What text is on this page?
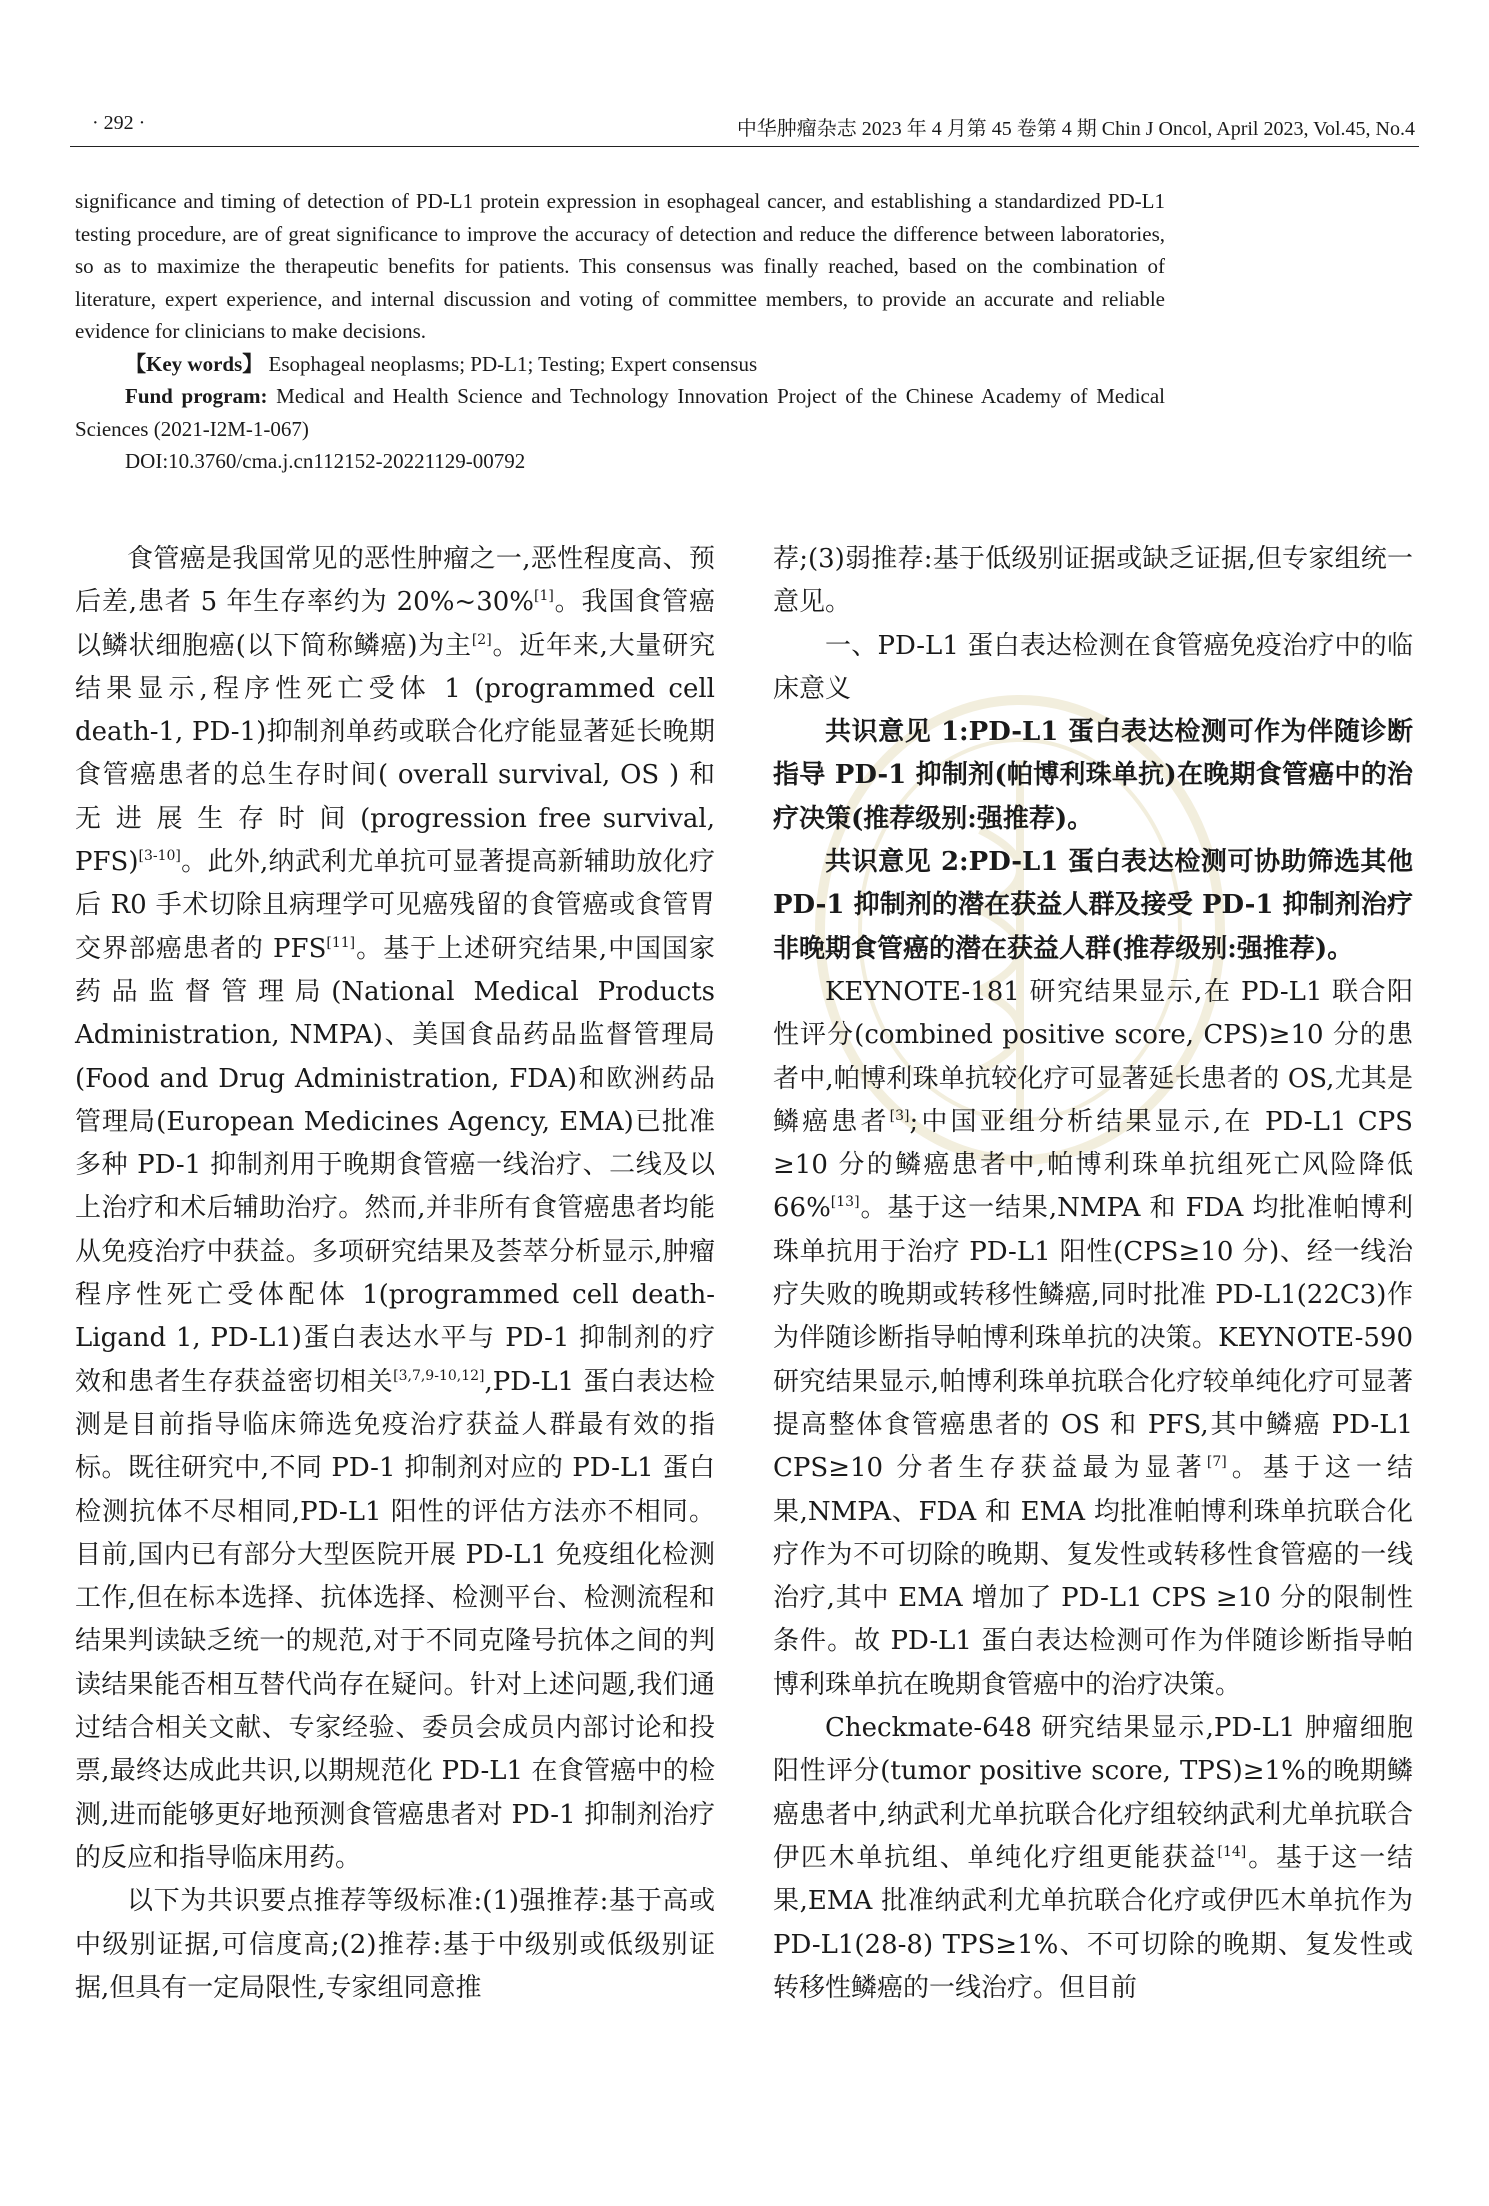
· 292 ·	中华肿瘤杂志 2023 年 4 月第 45 卷第 4 期 Chin J Oncol, April 2023, Vol.45, No.4

significance and timing of detection of PD-L1 protein expression in esophageal cancer, and establishing a standardized PD-L1 testing procedure, are of great significance to improve the accuracy of detection and reduce the difference between laboratories, so as to maximize the therapeutic benefits for patients. This consensus was finally reached, based on the combination of literature, expert experience, and internal discussion and voting of committee members, to provide an accurate and reliable evidence for clinicians to make decisions.

【Key words】 Esophageal neoplasms; PD-L1; Testing; Expert consensus

Fund program: Medical and Health Science and Technology Innovation Project of the Chinese Academy of Medical Sciences (2021-I2M-1-067)

DOI:10.3760/cma.j.cn112152-20221129-00792

食管癌是我国常见的恶性肿瘤之一,恶性程度高、预后差,患者 5 年生存率约为 20%~30%[1]。我国食管癌以鳞状细胞癌(以下简称鳞癌)为主[2]。近年来,大量研究结果显示,程序性死亡受体 1 (programmed cell death-1, PD-1)抑制剂单药或联合化疗能显著延长晚期食管癌患者的总生存时间( overall survival, OS ) 和 无 进 展 生 存 时 间 (progression free survival, PFS)[3-10]。此外,纳武利尤单抗可显著提高新辅助放化疗后 R0 手术切除且病理学可见癌残留的食管癌或食管胃交界部癌患者的 PFS[11]。基于上述研究结果,中国国家药品监督管理局(National Medical Products Administration, NMPA)、美国食品药品监督管理局(Food and Drug Administration, FDA)和欧洲药品管理局(European Medicines Agency, EMA)已批准多种 PD-1 抑制剂用于晚期食管癌一线治疗、二线及以上治疗和术后辅助治疗。然而,并非所有食管癌患者均能从免疫治疗中获益。多项研究结果及荟萃分析显示,肿瘤程序性死亡受体配体 1(programmed cell death-Ligand 1, PD-L1)蛋白表达水平与 PD-1 抑制剂的疗效和患者生存获益密切相关[3,7,9-10,12],PD-L1 蛋白表达检测是目前指导临床筛选免疫治疗获益人群最有效的指标。既往研究中,不同 PD-1 抑制剂对应的 PD-L1 蛋白检测抗体不尽相同,PD-L1 阳性的评估方法亦不相同。目前,国内已有部分大型医院开展 PD-L1 免疫组化检测工作,但在标本选择、抗体选择、检测平台、检测流程和结果判读缺乏统一的规范,对于不同克隆号抗体之间的判读结果能否相互替代尚存在疑问。针对上述问题,我们通过结合相关文献、专家经验、委员会成员内部讨论和投票,最终达成此共识,以期规范化 PD-L1 在食管癌中的检测,进而能够更好地预测食管癌患者对 PD-1 抑制剂治疗的反应和指导临床用药。

以下为共识要点推荐等级标准:(1)强推荐:基于高或中级别证据,可信度高;(2)推荐:基于中级别或低级别证据,但具有一定局限性,专家组同意推

荐;(3)弱推荐:基于低级别证据或缺乏证据,但专家组统一意见。

一、PD-L1 蛋白表达检测在食管癌免疫治疗中的临床意义

共识意见 1:PD-L1 蛋白表达检测可作为伴随诊断指导 PD-1 抑制剂(帕博利珠单抗)在晚期食管癌中的治疗决策(推荐级别:强推荐)。

共识意见 2:PD-L1 蛋白表达检测可协助筛选其他 PD-1 抑制剂的潜在获益人群及接受 PD-1 抑制剂治疗非晚期食管癌的潜在获益人群(推荐级别:强推荐)。

KEYNOTE-181 研究结果显示,在 PD-L1 联合阳性评分(combined positive score, CPS)≥10 分的患者中,帕博利珠单抗较化疗可显著延长患者的 OS,尤其是鳞癌患者[3];中国亚组分析结果显示,在 PD-L1 CPS ≥10 分的鳞癌患者中,帕博利珠单抗组死亡风险降低 66%[13]。基于这一结果,NMPA 和 FDA 均批准帕博利珠单抗用于治疗 PD-L1 阳性(CPS≥10 分)、经一线治疗失败的晚期或转移性鳞癌,同时批准 PD-L1(22C3)作为伴随诊断指导帕博利珠单抗的决策。KEYNOTE-590 研究结果显示,帕博利珠单抗联合化疗较单纯化疗可显著提高整体食管癌患者的 OS 和 PFS,其中鳞癌 PD-L1 CPS≥10 分者生存获益最为显著[7]。基于这一结果,NMPA、FDA 和 EMA 均批准帕博利珠单抗联合化疗作为不可切除的晚期、复发性或转移性食管癌的一线治疗,其中 EMA 增加了 PD-L1 CPS ≥10 分的限制性条件。故 PD-L1 蛋白表达检测可作为伴随诊断指导帕博利珠单抗在晚期食管癌中的治疗决策。

Checkmate-648 研究结果显示,PD-L1 肿瘤细胞阳性评分(tumor positive score, TPS)≥1%的晚期鳞癌患者中,纳武利尤单抗联合化疗组较纳武利尤单抗联合伊匹木单抗组、单纯化疗组更能获益[14]。基于这一结果,EMA 批准纳武利尤单抗联合化疗或伊匹木单抗作为 PD-L1(28-8) TPS≥1%、不可切除的晚期、复发性或转移性鳞癌的一线治疗。但目前
